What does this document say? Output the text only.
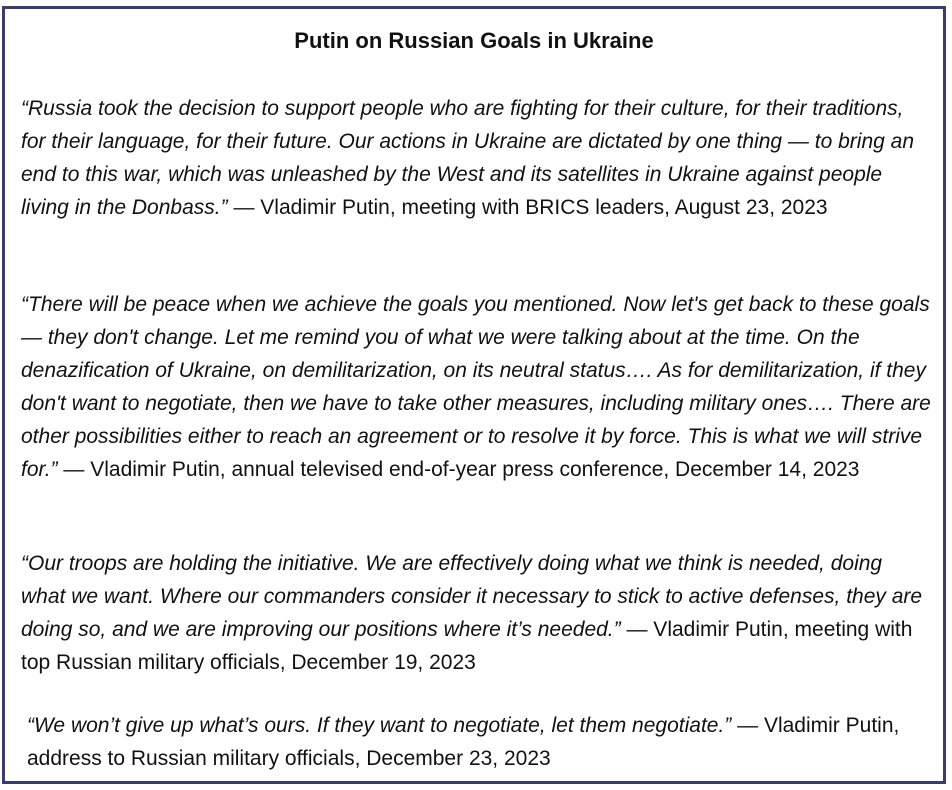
Putin on Russian Goals in Ukraine

“Russia took the decision to support people who are fighting for their culture, for their traditions, for their language, for their future. Our actions in Ukraine are dictated by one thing — to bring an end to this war, which was unleashed by the West and its satellites in Ukraine against people living in the Donbass.” — Vladimir Putin, meeting with BRICS leaders, August 23, 2023

“There will be peace when we achieve the goals you mentioned. Now let's get back to these goals — they don't change. Let me remind you of what we were talking about at the time. On the denazification of Ukraine, on demilitarization, on its neutral status…. As for demilitarization, if they don't want to negotiate, then we have to take other measures, including military ones…. There are other possibilities either to reach an agreement or to resolve it by force. This is what we will strive for.” — Vladimir Putin, annual televised end-of-year press conference, December 14, 2023

“Our troops are holding the initiative. We are effectively doing what we think is needed, doing what we want. Where our commanders consider it necessary to stick to active defenses, they are doing so, and we are improving our positions where it’s needed.” — Vladimir Putin, meeting with top Russian military officials, December 19, 2023

“We won’t give up what’s ours. If they want to negotiate, let them negotiate.” — Vladimir Putin, address to Russian military officials, December 23, 2023
